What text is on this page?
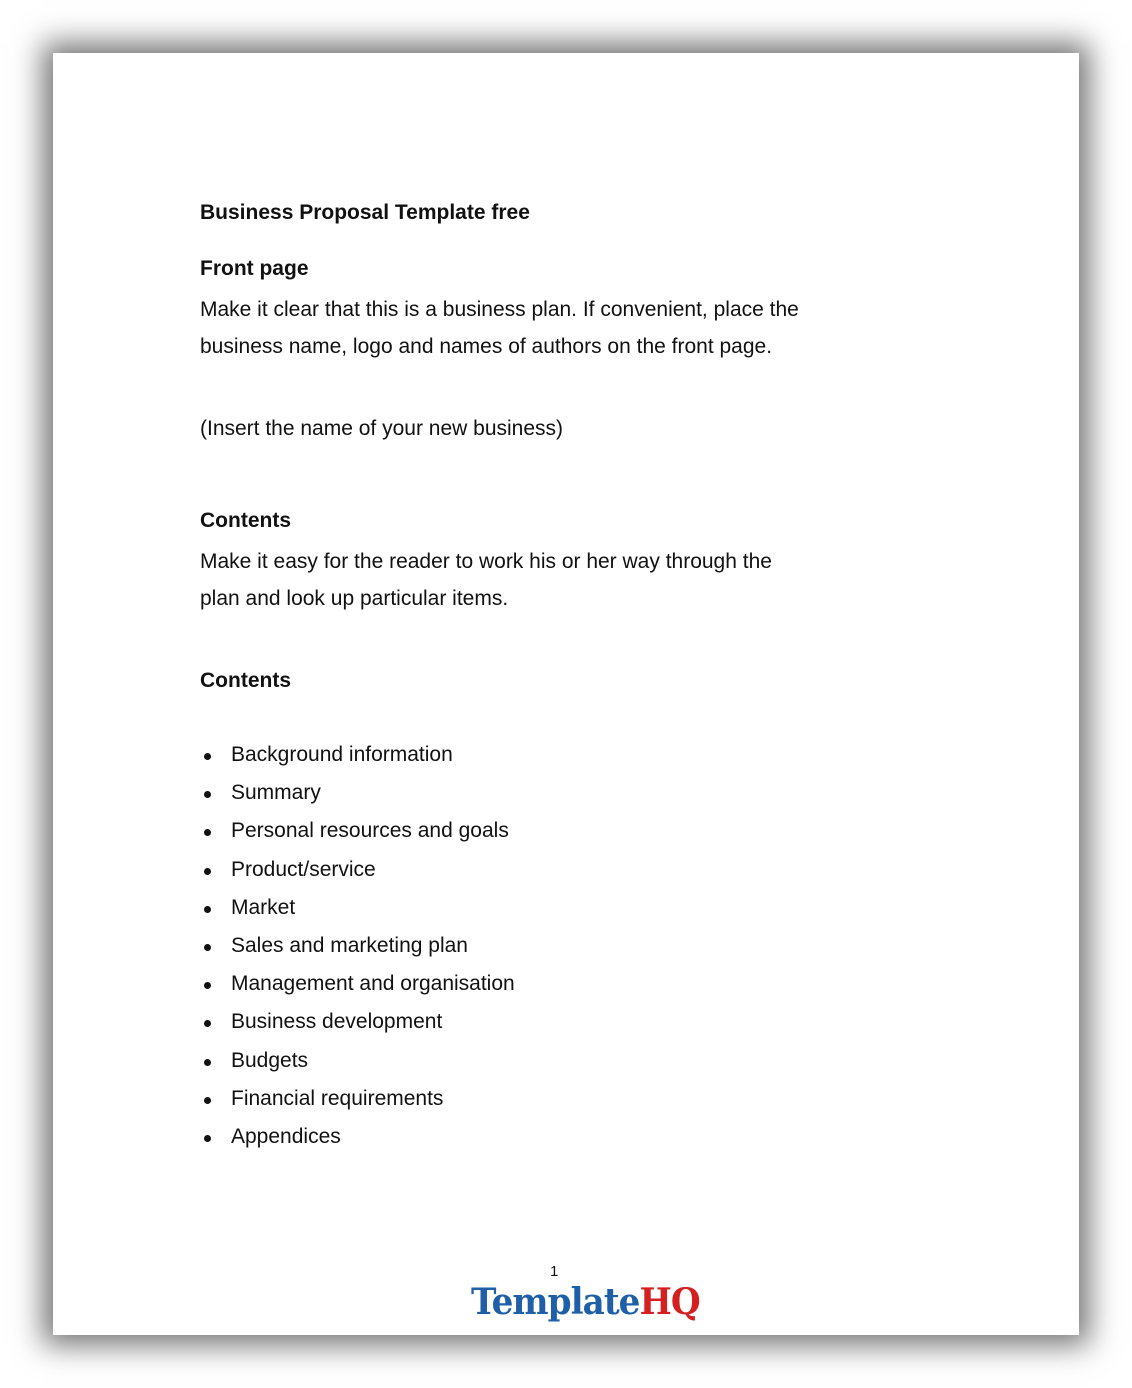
Business Proposal Template free
Front page
Make it clear that this is a business plan. If convenient, place the
business name, logo and names of authors on the front page.
(Insert the name of your new business)
Contents
Make it easy for the reader to work his or her way through the
plan and look up particular items.
Contents
Background information
Summary
Personal resources and goals
Product/service
Market
Sales and marketing plan
Management and organisation
Business development
Budgets
Financial requirements
Appendices
1
TemplateHQ
